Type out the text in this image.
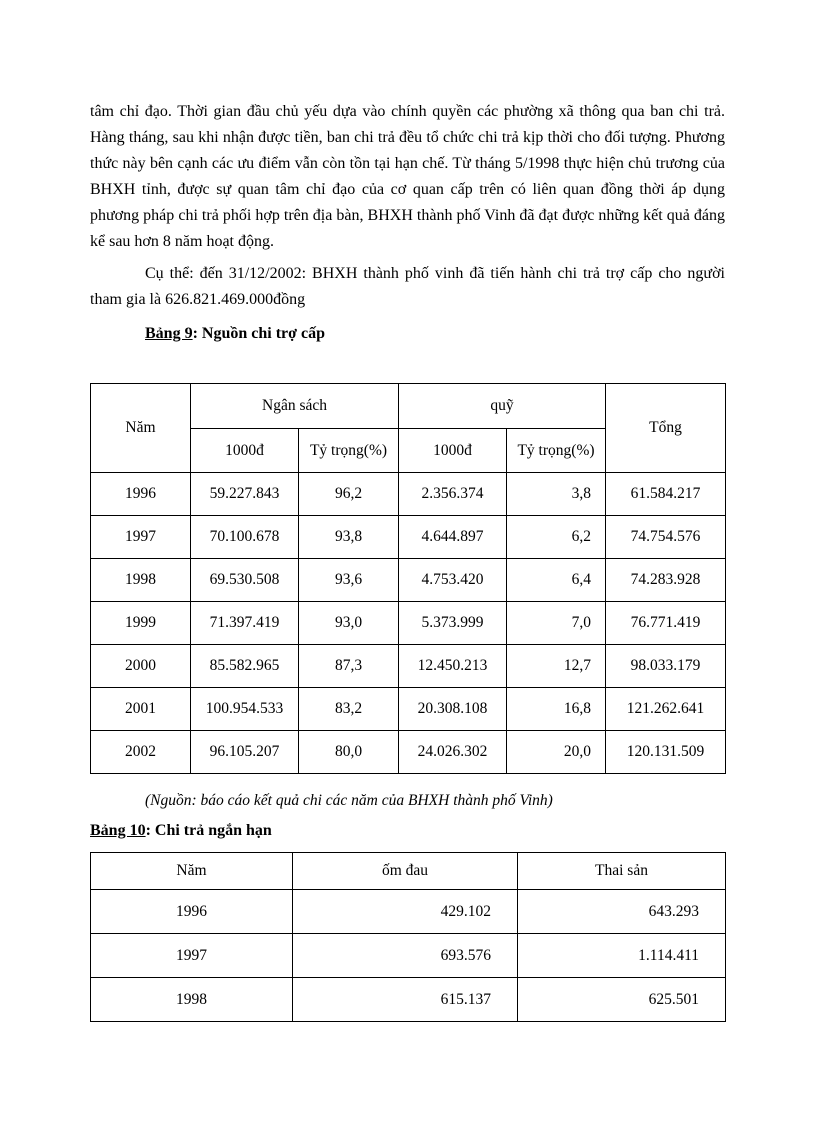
tâm chỉ đạo. Thời gian đầu chủ yếu dựa vào chính quyền các phường xã thông qua ban chi trả. Hàng tháng, sau khi nhận được tiền, ban chi trả đều tổ chức chi trả kịp thời cho đối tượng. Phương thức này bên cạnh các ưu điểm vẫn còn tồn tại hạn chế. Từ tháng 5/1998 thực hiện chủ trương của BHXH tỉnh, được sự quan tâm chỉ đạo của cơ quan cấp trên có liên quan đồng thời áp dụng phương pháp chi trả phối hợp trên địa bàn, BHXH thành phố Vinh đã đạt được những kết quả đáng kể sau hơn 8 năm hoạt động.

Cụ thể: đến 31/12/2002: BHXH thành phố vinh đã tiến hành chi trả trợ cấp cho người tham gia là 626.821.469.000đồng

Bảng 9: Nguồn chi trợ cấp

Năm	Ngân sách		quỹ		Tổng
	1000đ	Tỷ trọng(%)	1000đ	Tỷ trọng(%)	
1996	59.227.843	96,2	2.356.374	3,8	61.584.217
1997	70.100.678	93,8	4.644.897	6,2	74.754.576
1998	69.530.508	93,6	4.753.420	6,4	74.283.928
1999	71.397.419	93,0	5.373.999	7,0	76.771.419
2000	85.582.965	87,3	12.450.213	12,7	98.033.179
2001	100.954.533	83,2	20.308.108	16,8	121.262.641
2002	96.105.207	80,0	24.026.302	20,0	120.131.509

(Nguồn: báo cáo kết quả chi các năm của BHXH thành phố Vinh)

Bảng 10: Chi trả ngắn hạn

Năm	ốm đau	Thai sản
1996	429.102	643.293
1997	693.576	1.114.411
1998	615.137	625.501
